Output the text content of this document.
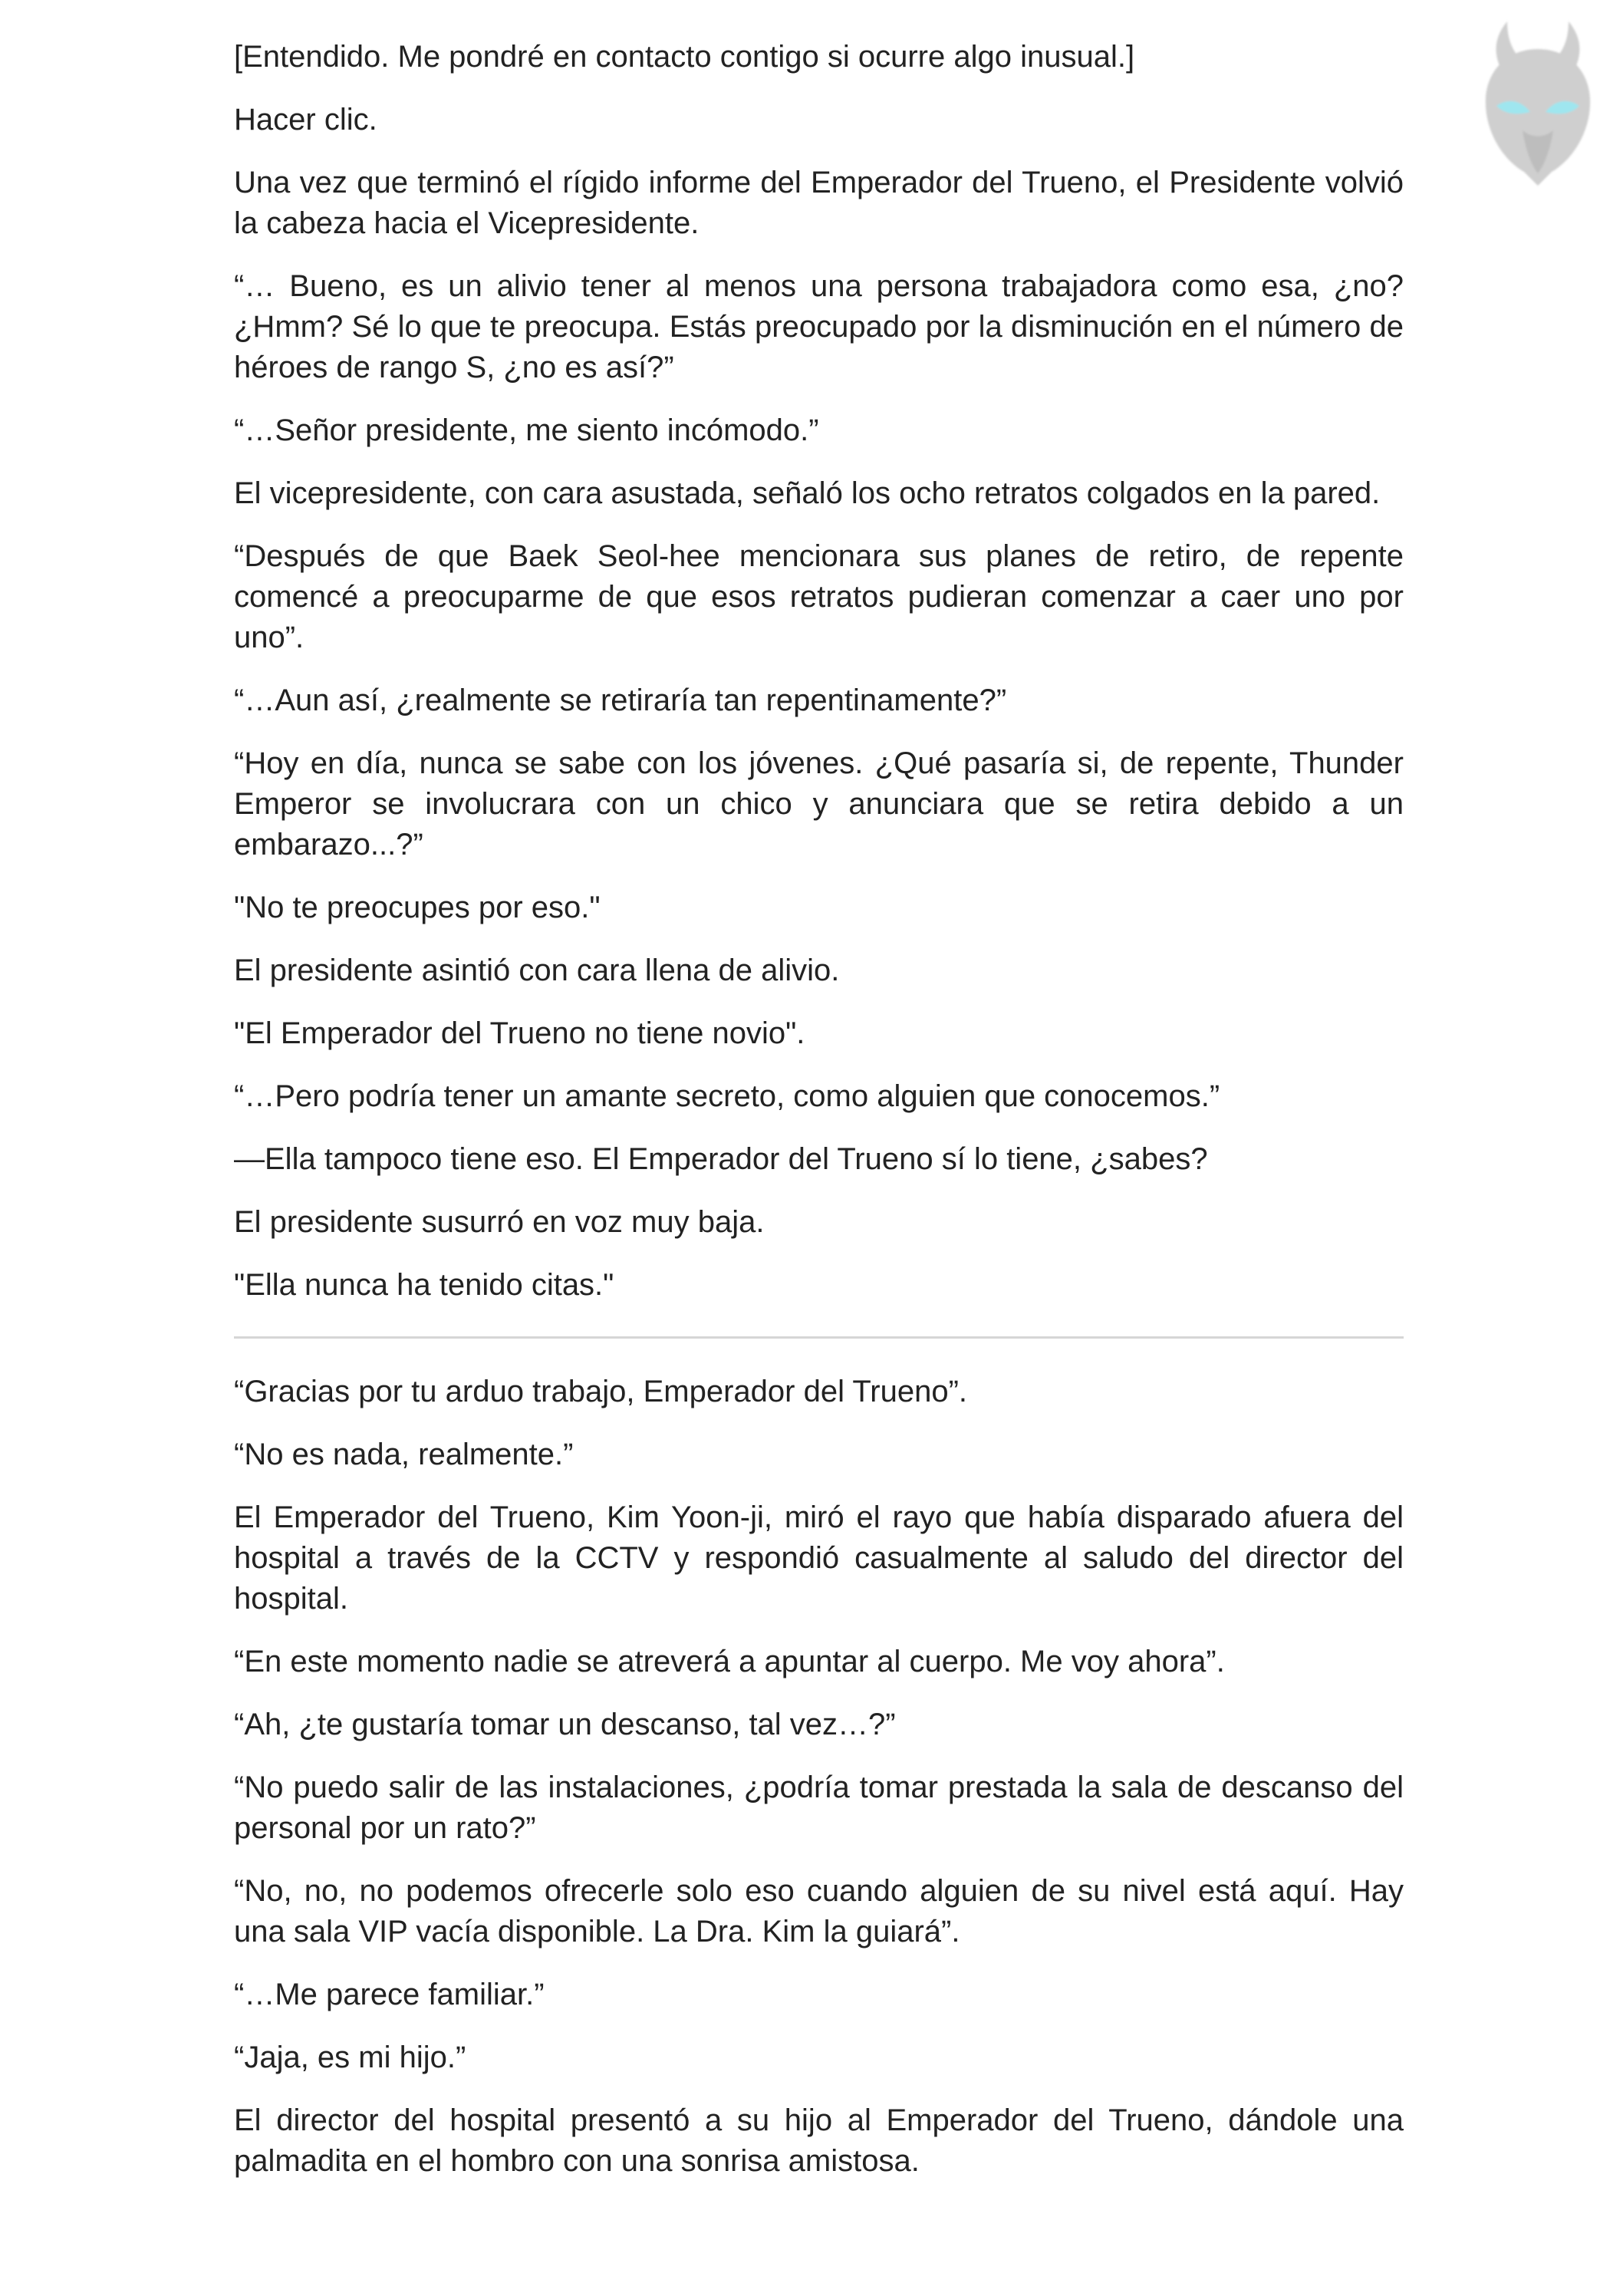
[Entendido. Me pondré en contacto contigo si ocurre algo inusual.]

Hacer clic.

Una vez que terminó el rígido informe del Emperador del Trueno, el Presidente volvió la cabeza hacia el Vicepresidente.

“… Bueno, es un alivio tener al menos una persona trabajadora como esa, ¿no? ¿Hmm? Sé lo que te preocupa. Estás preocupado por la disminución en el número de héroes de rango S, ¿no es así?”

“…Señor presidente, me siento incómodo.”

El vicepresidente, con cara asustada, señaló los ocho retratos colgados en la pared.

“Después de que Baek Seol-hee mencionara sus planes de retiro, de repente comencé a preocuparme de que esos retratos pudieran comenzar a caer uno por uno”.

“…Aun así, ¿realmente se retiraría tan repentinamente?”

“Hoy en día, nunca se sabe con los jóvenes. ¿Qué pasaría si, de repente, Thunder Emperor se involucrara con un chico y anunciara que se retira debido a un embarazo...?”

"No te preocupes por eso."

El presidente asintió con cara llena de alivio.

"El Emperador del Trueno no tiene novio".

“…Pero podría tener un amante secreto, como alguien que conocemos.”

—Ella tampoco tiene eso. El Emperador del Trueno sí lo tiene, ¿sabes?

El presidente susurró en voz muy baja.

"Ella nunca ha tenido citas."

“Gracias por tu arduo trabajo, Emperador del Trueno”.

“No es nada, realmente.”

El Emperador del Trueno, Kim Yoon-ji, miró el rayo que había disparado afuera del hospital a través de la CCTV y respondió casualmente al saludo del director del hospital.

“En este momento nadie se atreverá a apuntar al cuerpo. Me voy ahora”.

“Ah, ¿te gustaría tomar un descanso, tal vez…?”

“No puedo salir de las instalaciones, ¿podría tomar prestada la sala de descanso del personal por un rato?”

“No, no, no podemos ofrecerle solo eso cuando alguien de su nivel está aquí. Hay una sala VIP vacía disponible. La Dra. Kim la guiará”.

“…Me parece familiar.”

“Jaja, es mi hijo.”

El director del hospital presentó a su hijo al Emperador del Trueno, dándole una palmadita en el hombro con una sonrisa amistosa.
